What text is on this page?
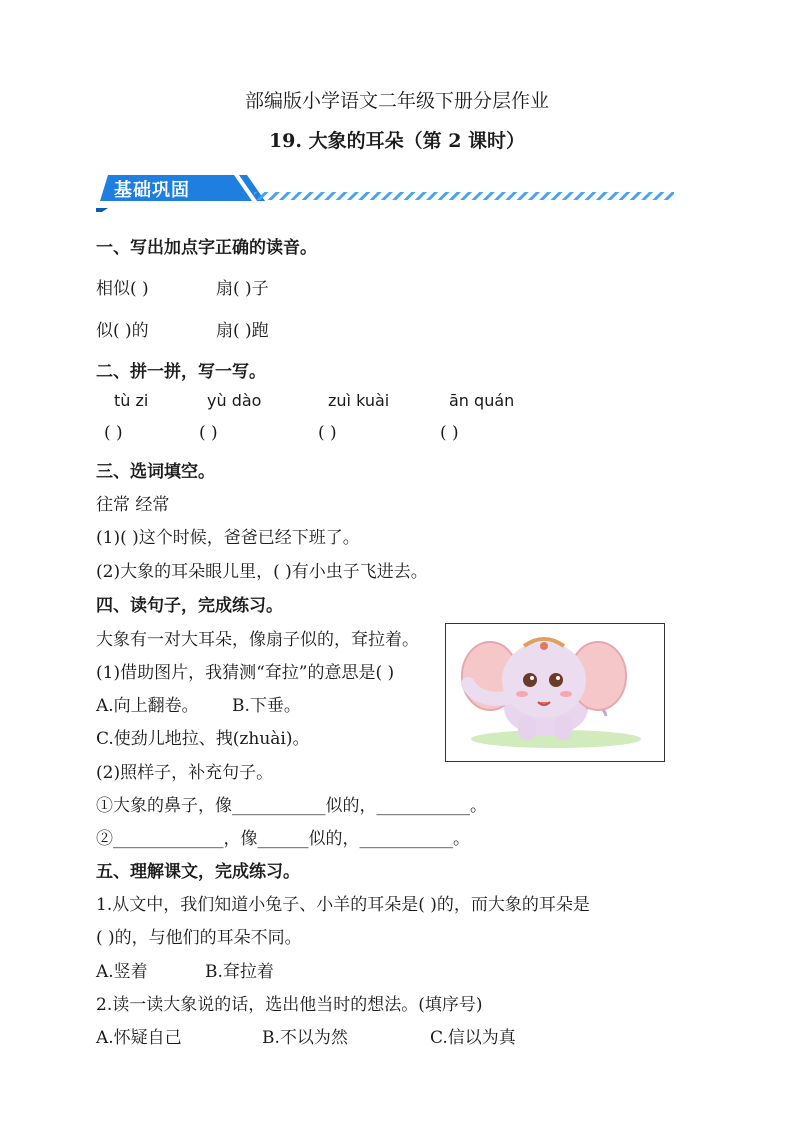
部编版小学语文二年级下册分层作业
19. 大象的耳朵（第 2 课时）
基础巩固
一、写出加点字正确的读音。
相似( )	扇( )子
似( )的	扇( )跑
二、拼一拼，写一写。
tù zi	yù dào	zuì kuài	ān quán
( )	( )	( )	( )
三、选词填空。
往常 经常
(1)( )这个时候，爸爸已经下班了。
(2)大象的耳朵眼儿里，( )有小虫子飞进去。
四、读句子，完成练习。
大象有一对大耳朵，像扇子似的，耷拉着。
(1)借助图片，我猜测“耷拉”的意思是( )
A.向上翻卷。 B.下垂。
C.使劲儿地拉、拽(zhuài)。
(2)照样子，补充句子。
①大象的鼻子，像___________似的，___________。
②_____________，像______似的，___________。
五、理解课文，完成练习。
1.从文中，我们知道小兔子、小羊的耳朵是( )的，而大象的耳朵是
( )的，与他们的耳朵不同。
A.竖着	B.耷拉着
2.读一读大象说的话，选出他当时的想法。(填序号)
A.怀疑自己	B.不以为然	C.信以为真
